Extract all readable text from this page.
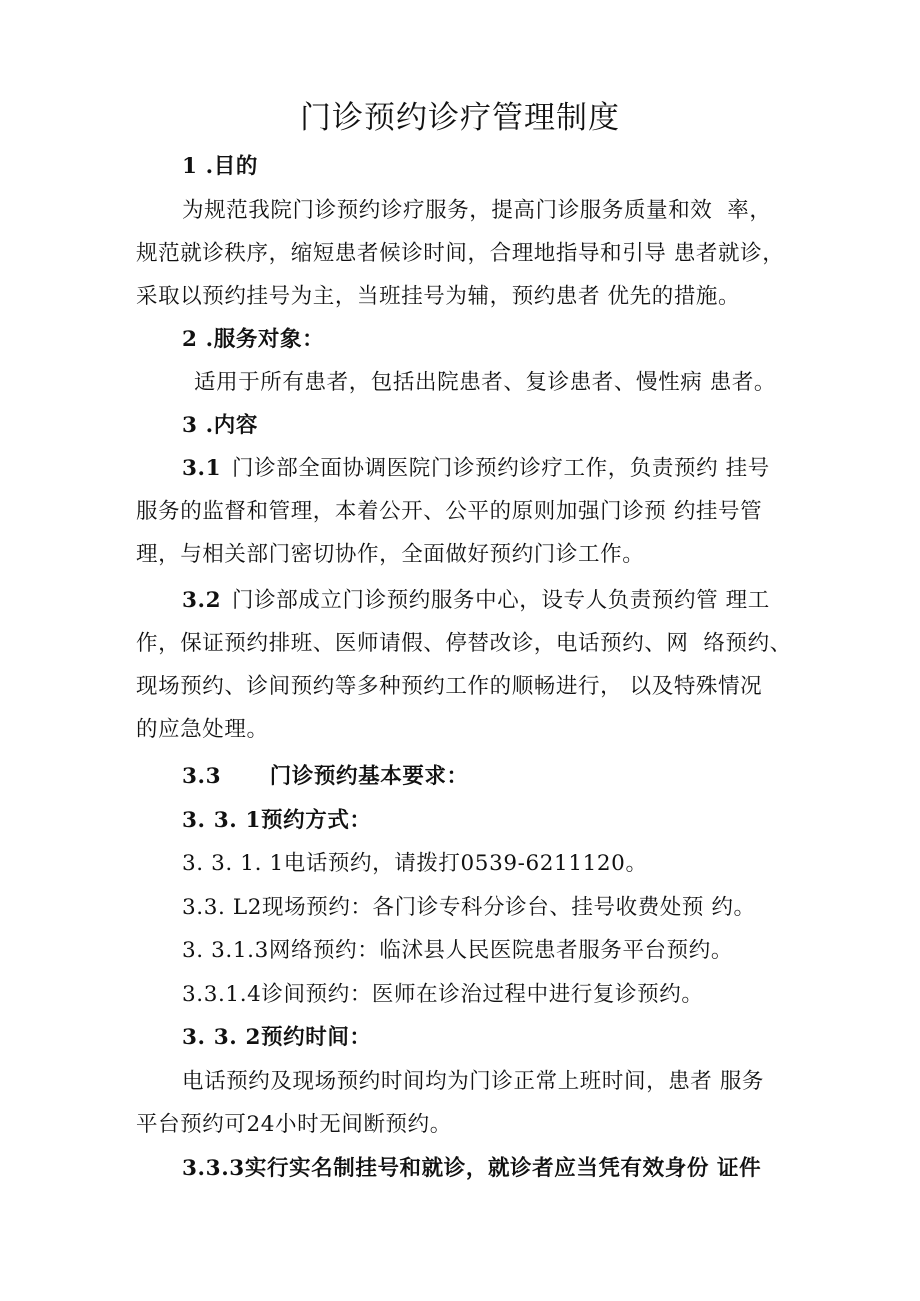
门诊预约诊疗管理制度
1 .目的
为规范我院门诊预约诊疗服务，提高门诊服务质量和效  率，
规范就诊秩序，缩短患者候诊时间，合理地指导和引导 患者就诊，
采取以预约挂号为主，当班挂号为辅，预约患者 优先的措施。
2 .服务对象：
适用于所有患者，包括出院患者、复诊患者、慢性病 患者。
3 .内容
3.1 门诊部全面协调医院门诊预约诊疗工作，负责预约 挂号
服务的监督和管理，本着公开、公平的原则加强门诊预 约挂号管
理，与相关部门密切协作，全面做好预约门诊工作。
3.2 门诊部成立门诊预约服务中心，设专人负责预约管 理工
作，保证预约排班、医师请假、停替改诊，电话预约、网  络预约、
现场预约、诊间预约等多种预约工作的顺畅进行， 以及特殊情况
的应急处理。
3.3      门诊预约基本要求：
3. 3. 1预约方式：
3. 3. 1. 1电话预约，请拨打0539-6211120。
3.3. L2现场预约：各门诊专科分诊台、挂号收费处预 约。
3. 3.1.3网络预约：临沭县人民医院患者服务平台预约。
3.3.1.4诊间预约：医师在诊治过程中进行复诊预约。
3. 3. 2预约时间：
电话预约及现场预约时间均为门诊正常上班时间，患者 服务
平台预约可24小时无间断预约。
3.3.3实行实名制挂号和就诊，就诊者应当凭有效身份 证件
